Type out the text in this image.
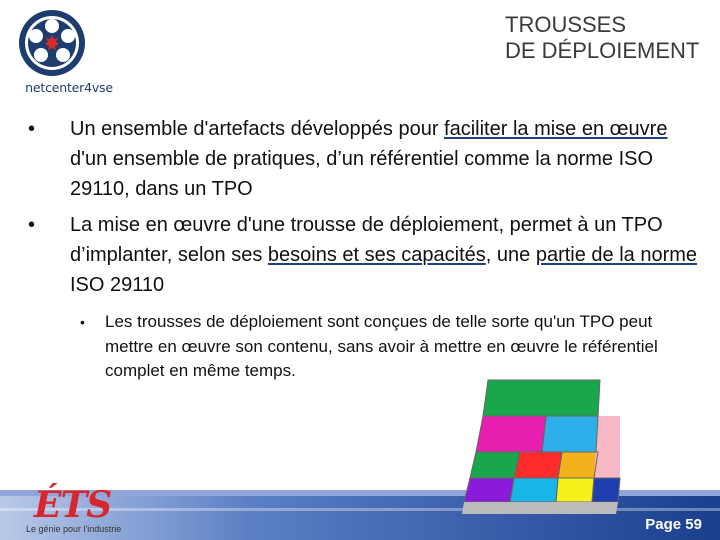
netcenter4vse
TROUSSES
DE DÉPLOIEMENT
• Un ensemble d'artefacts développés pour faciliter la mise en œuvre d'un ensemble de pratiques, d’un référentiel comme la norme ISO 29110, dans un TPO
• La mise en œuvre d'une trousse de déploiement, permet à un TPO d’implanter, selon ses besoins et ses capacités, une partie de la norme ISO 29110
• Les trousses de déploiement sont conçues de telle sorte qu'un TPO peut mettre en œuvre son contenu, sans avoir à mettre en œuvre le référentiel complet en même temps.
ÉTS
Le génie pour l'industrie	Page 59
